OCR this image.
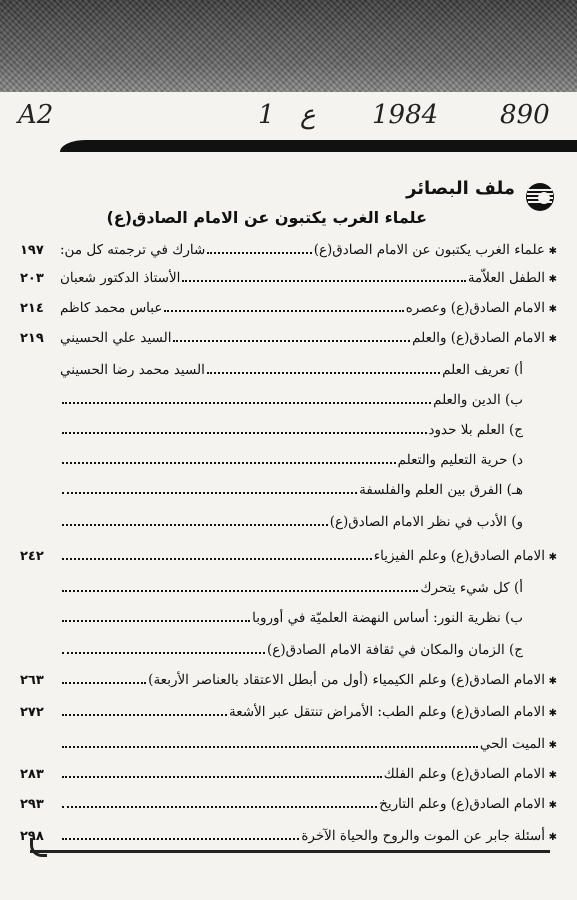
A2	1 ع 1984 890
ملف البصائر
علماء الغرب يكتبون عن الامام الصادق(ع)
✱
علماء الغرب يكتبون عن الامام الصادق(ع)
شارك في ترجمته كل من:
١٩٧
✱
الطفل العلاّمة
الأستاذ الدكتور شعبان
٢٠٣
✱
الامام الصادق(ع) وعصره
عباس محمد كاظم
٢١٤
✱
الامام الصادق(ع) والعلم
السيد علي الحسيني
٢١٩
أ) تعريف العلم
السيد محمد رضا الحسيني
ب) الدين والعلم
ج) العلم بلا حدود
د) حرية التعليم والتعلم
هـ) الفرق بين العلم والفلسفة
و) الأدب في نظر الامام الصادق(ع)
✱
الامام الصادق(ع) وعلم الفيزياء
٢٤٢
أ) كل شيء يتحرك
ب) نظرية النور: أساس النهضة العلميّة في أوروبا
ج) الزمان والمكان في ثقافة الامام الصادق(ع)
✱
الامام الصادق(ع) وعلم الكيمياء (أول من أبطل الاعتقاد بالعناصر الأربعة)
٢٦٣
✱
الامام الصادق(ع) وعلم الطب: الأمراض تنتقل عبر الأشعة
٢٧٢
✱
الميت الحي
✱
الامام الصادق(ع) وعلم الفلك
٢٨٣
✱
الامام الصادق(ع) وعلم التاريخ
٢٩٣
✱
أسئلة جابر عن الموت والروح والحياة الآخرة
٢٩٨
